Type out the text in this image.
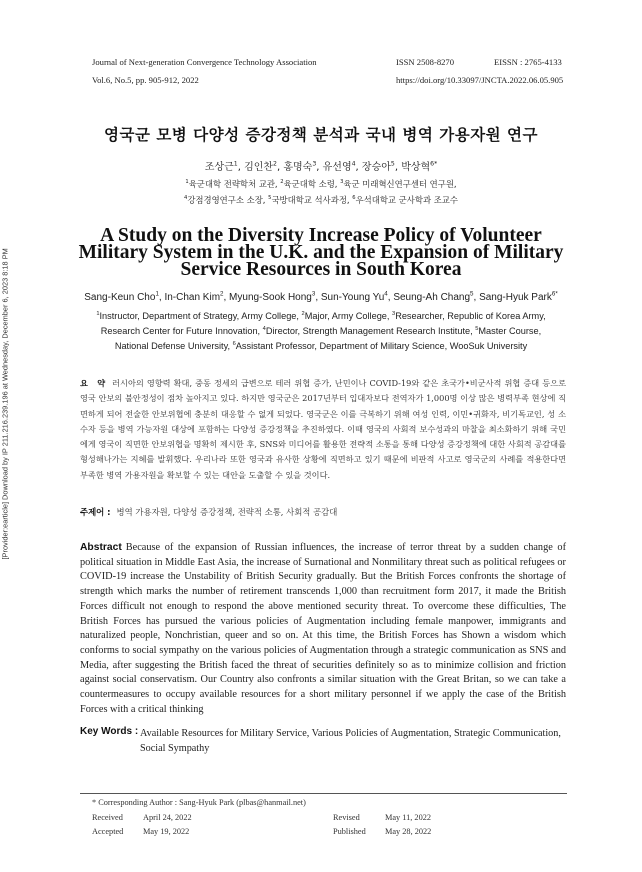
Journal of Next-generation Convergence Technology Association
Vol.6, No.5, pp. 905-912, 2022
ISSN 2508-8270	EISSN : 2765-4133
https://doi.org/10.33097/JNCTA.2022.06.05.905
[Provider:earticle] Download by IP 211.216.239.196 at Wednesday, December 6, 2023 8:18 PM
영국군 모병 다양성 증강정책 분석과 국내 병역 가용자원 연구
조상근$^1$, 김인찬$^2$, 홍명숙$^3$, 유선영$^4$, 장승아$^5$, 박상혁$^{6*}$
$^1$육군대학 전략학처 교관, $^2$육군대학 소령, $^3$육군 미래혁신연구센터 연구원,
$^4$강점경영연구소 소장, $^5$국방대학교 석사과정, $^6$우석대학교 군사학과 조교수
A Study on the Diversity Increase Policy of Volunteer
Military System in the U.K. and the Expansion of Military
Service Resources in South Korea
Sang-Keun Cho$^1$, In-Chan Kim$^2$, Myung-Sook Hong$^3$, Sun-Young Yu$^4$, Seung-Ah Chang$^5$, Sang-Hyuk Park$^{6*}$
$^1$Instructor, Department of Strategy, Army College, $^2$Major, Army College, $^3$Researcher, Republic of Korea Army,
Research Center for Future Innovation, $^4$Director, Strength Management Research Institute, $^5$Master Course,
National Defense University, $^6$Assistant Professor, Department of Military Science, WooSuk University
요 약 러시아의 영향력 확대, 중동 정세의 급변으로 테러 위협 증가, 난민이나 COVID-19와 같은 초국가•비군사적 위협 증대 등으로 영국 안보의 불안정성이 점차 높아지고 있다. 하지만 영국군은 2017년부터 입대자보다 전역자가 1,000명 이상 많은 병력부족 현상에 직면하게 되어 전술한 안보위협에 충분히 대응할 수 없게 되었다. 영국군은 이를 극복하기 위해 여성 인력, 이민•귀화자, 비기독교인, 성 소수자 등을 병역 가능자원 대상에 포함하는 다양성 증강정책을 추진하였다. 이때 영국의 사회적 보수성과의 마찰을 최소화하기 위해 국민에게 영국이 직면한 안보위협을 명확히 제시한 후, SNS와 미디어를 활용한 전략적 소통을 통해 다양성 증강정책에 대한 사회적 공감대를 형성해나가는 지혜를 발휘했다. 우리나라 또한 영국과 유사한 상황에 직면하고 있기 때문에 비판적 사고로 영국군의 사례를 적용한다면 부족한 병역 가용자원을 확보할 수 있는 대안을 도출할 수 있을 것이다.
주제어 : 병역 가용자원, 다양성 증강정책, 전략적 소통, 사회적 공감대
Abstract Because of the expansion of Russian influences, the increase of terror threat by a sudden change of political situation in Middle East Asia, the increase of Surnational and Nonmilitary threat such as political refugees or COVID-19 increase the Unstability of British Security gradually. But the British Forces confronts the shortage of strength which marks the number of retirement transcends 1,000 than recruitment form 2017, it made the British Forces difficult not enough to respond the above mentioned security threat. To overcome these difficulties, The British Forces has pursued the various policies of Augmentation including female manpower, immigrants and naturalized people, Nonchristian, queer and so on. At this time, the British Forces has Shown a wisdom which conforms to social sympathy on the various policies of Augmentation through a strategic communication as SNS and Media, after suggesting the British faced the threat of securities definitely so as to minimize collision and friction against social conservatism. Our Country also confronts a similar situation with the Great Britan, so we can take a countermeasures to occupy available resources for a short military personnel if we apply the case of the British Forces with a critical thinking
Key Words : Available Resources for Military Service, Various Policies of Augmentation, Strategic Communication, Social Sympathy
* Corresponding Author : Sang-Hyuk Park (plbas@hanmail.net)
Received April 24, 2022	Revised	May 11, 2022
Accepted May 19, 2022	Published May 28, 2022
